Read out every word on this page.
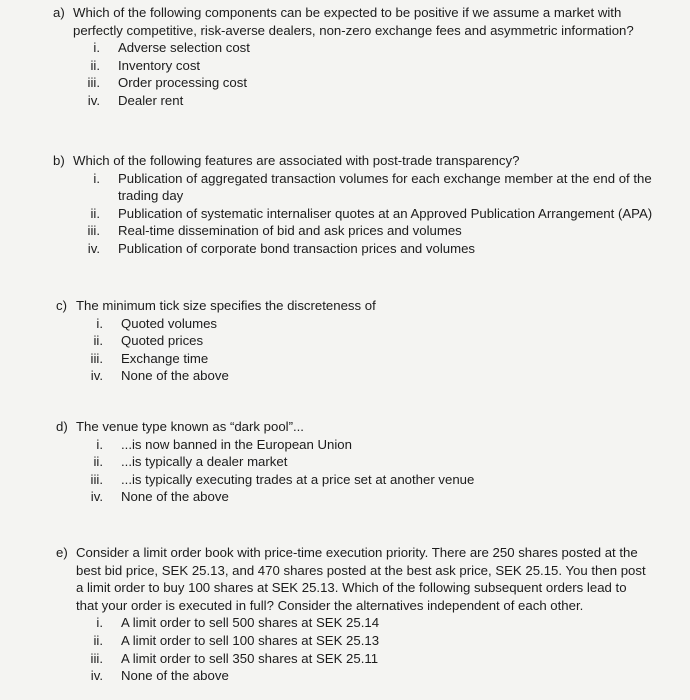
a) Which of the following components can be expected to be positive if we assume a market with perfectly competitive, risk-averse dealers, non-zero exchange fees and asymmetric information?
i.	Adverse selection cost
ii.	Inventory cost
iii.	Order processing cost
iv.	Dealer rent
b) Which of the following features are associated with post-trade transparency?
i.	Publication of aggregated transaction volumes for each exchange member at the end of the trading day
ii.	Publication of systematic internaliser quotes at an Approved Publication Arrangement (APA)
iii.	Real-time dissemination of bid and ask prices and volumes
iv.	Publication of corporate bond transaction prices and volumes
c) The minimum tick size specifies the discreteness of
i.	Quoted volumes
ii.	Quoted prices
iii.	Exchange time
iv.	None of the above
d) The venue type known as “dark pool”...
i.	...is now banned in the European Union
ii.	...is typically a dealer market
iii.	...is typically executing trades at a price set at another venue
iv.	None of the above
e) Consider a limit order book with price-time execution priority. There are 250 shares posted at the best bid price, SEK 25.13, and 470 shares posted at the best ask price, SEK 25.15. You then post a limit order to buy 100 shares at SEK 25.13. Which of the following subsequent orders lead to that your order is executed in full? Consider the alternatives independent of each other.
i.	A limit order to sell 500 shares at SEK 25.14
ii.	A limit order to sell 100 shares at SEK 25.13
iii.	A limit order to sell 350 shares at SEK 25.11
iv.	None of the above
